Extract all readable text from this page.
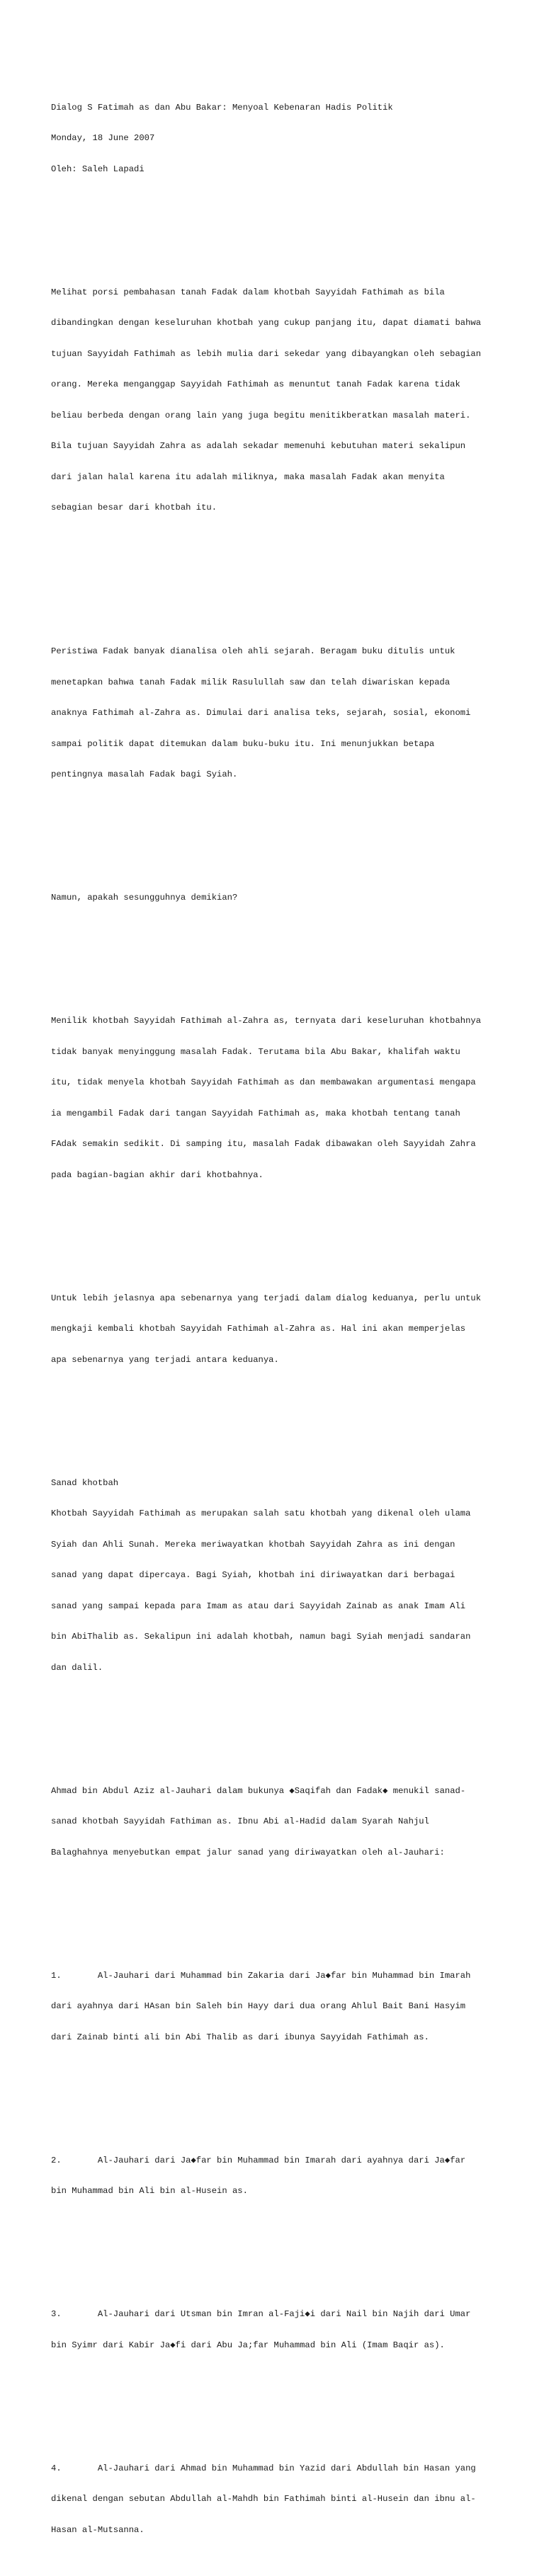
Dialog S Fatimah as dan Abu Bakar: Menyoal Kebenaran Hadis Politik

Monday, 18 June 2007

Oleh: Saleh Lapadi

Melihat porsi pembahasan tanah Fadak dalam khotbah Sayyidah Fathimah as bila

dibandingkan dengan keseluruhan khotbah yang cukup panjang itu, dapat diamati bahwa

tujuan Sayyidah Fathimah as lebih mulia dari sekedar yang dibayangkan oleh sebagian

orang. Mereka menganggap Sayyidah Fathimah as menuntut tanah Fadak karena tidak

beliau berbeda dengan orang lain yang juga begitu menitikberatkan masalah materi.

Bila tujuan Sayyidah Zahra as adalah sekadar memenuhi kebutuhan materi sekalipun

dari jalan halal karena itu adalah miliknya, maka masalah Fadak akan menyita

sebagian besar dari khotbah itu.

Peristiwa Fadak banyak dianalisa oleh ahli sejarah. Beragam buku ditulis untuk

menetapkan bahwa tanah Fadak milik Rasulullah saw dan telah diwariskan kepada

anaknya Fathimah al-Zahra as. Dimulai dari analisa teks, sejarah, sosial, ekonomi

sampai politik dapat ditemukan dalam buku-buku itu. Ini menunjukkan betapa

pentingnya masalah Fadak bagi Syiah.

Namun, apakah sesungguhnya demikian?

Menilik khotbah Sayyidah Fathimah al-Zahra as, ternyata dari keseluruhan khotbahnya

tidak banyak menyinggung masalah Fadak. Terutama bila Abu Bakar, khalifah waktu

itu, tidak menyela khotbah Sayyidah Fathimah as dan membawakan argumentasi mengapa

ia mengambil Fadak dari tangan Sayyidah Fathimah as, maka khotbah tentang tanah

FAdak semakin sedikit. Di samping itu, masalah Fadak dibawakan oleh Sayyidah Zahra

pada bagian-bagian akhir dari khotbahnya.

Untuk lebih jelasnya apa sebenarnya yang terjadi dalam dialog keduanya, perlu untuk

mengkaji kembali khotbah Sayyidah Fathimah al-Zahra as. Hal ini akan memperjelas

apa sebenarnya yang terjadi antara keduanya.

Sanad khotbah

Khotbah Sayyidah Fathimah as merupakan salah satu khotbah yang dikenal oleh ulama

Syiah dan Ahli Sunah. Mereka meriwayatkan khotbah Sayyidah Zahra as ini dengan

sanad yang dapat dipercaya. Bagi Syiah, khotbah ini diriwayatkan dari berbagai

sanad yang sampai kepada para Imam as atau dari Sayyidah Zainab as anak Imam Ali

bin AbiThalib as. Sekalipun ini adalah khotbah, namun bagi Syiah menjadi sandaran

dan dalil.

Ahmad bin Abdul Aziz al-Jauhari dalam bukunya ◆Saqifah dan Fadak◆ menukil sanad-

sanad khotbah Sayyidah Fathiman as. Ibnu Abi al-Hadid dalam Syarah Nahjul

Balaghahnya menyebutkan empat jalur sanad yang diriwayatkan oleh al-Jauhari:

1.       Al-Jauhari dari Muhammad bin Zakaria dari Ja◆far bin Muhammad bin Imarah

dari ayahnya dari HAsan bin Saleh bin Hayy dari dua orang Ahlul Bait Bani Hasyim

dari Zainab binti ali bin Abi Thalib as dari ibunya Sayyidah Fathimah as.

2.       Al-Jauhari dari Ja◆far bin Muhammad bin Imarah dari ayahnya dari Ja◆far

bin Muhammad bin Ali bin al-Husein as.

3.       Al-Jauhari dari Utsman bin Imran al-Faji◆i dari Nail bin Najih dari Umar

bin Syimr dari Kabir Ja◆fi dari Abu Ja;far Muhammad bin Ali (Imam Baqir as).

4.       Al-Jauhari dari Ahmad bin Muhammad bin Yazid dari Abdullah bin Hasan yang

dikenal dengan sebutan Abdullah al-Mahdh bin Fathimah binti al-Husein dan ibnu al-

Hasan al-Mutsanna.
